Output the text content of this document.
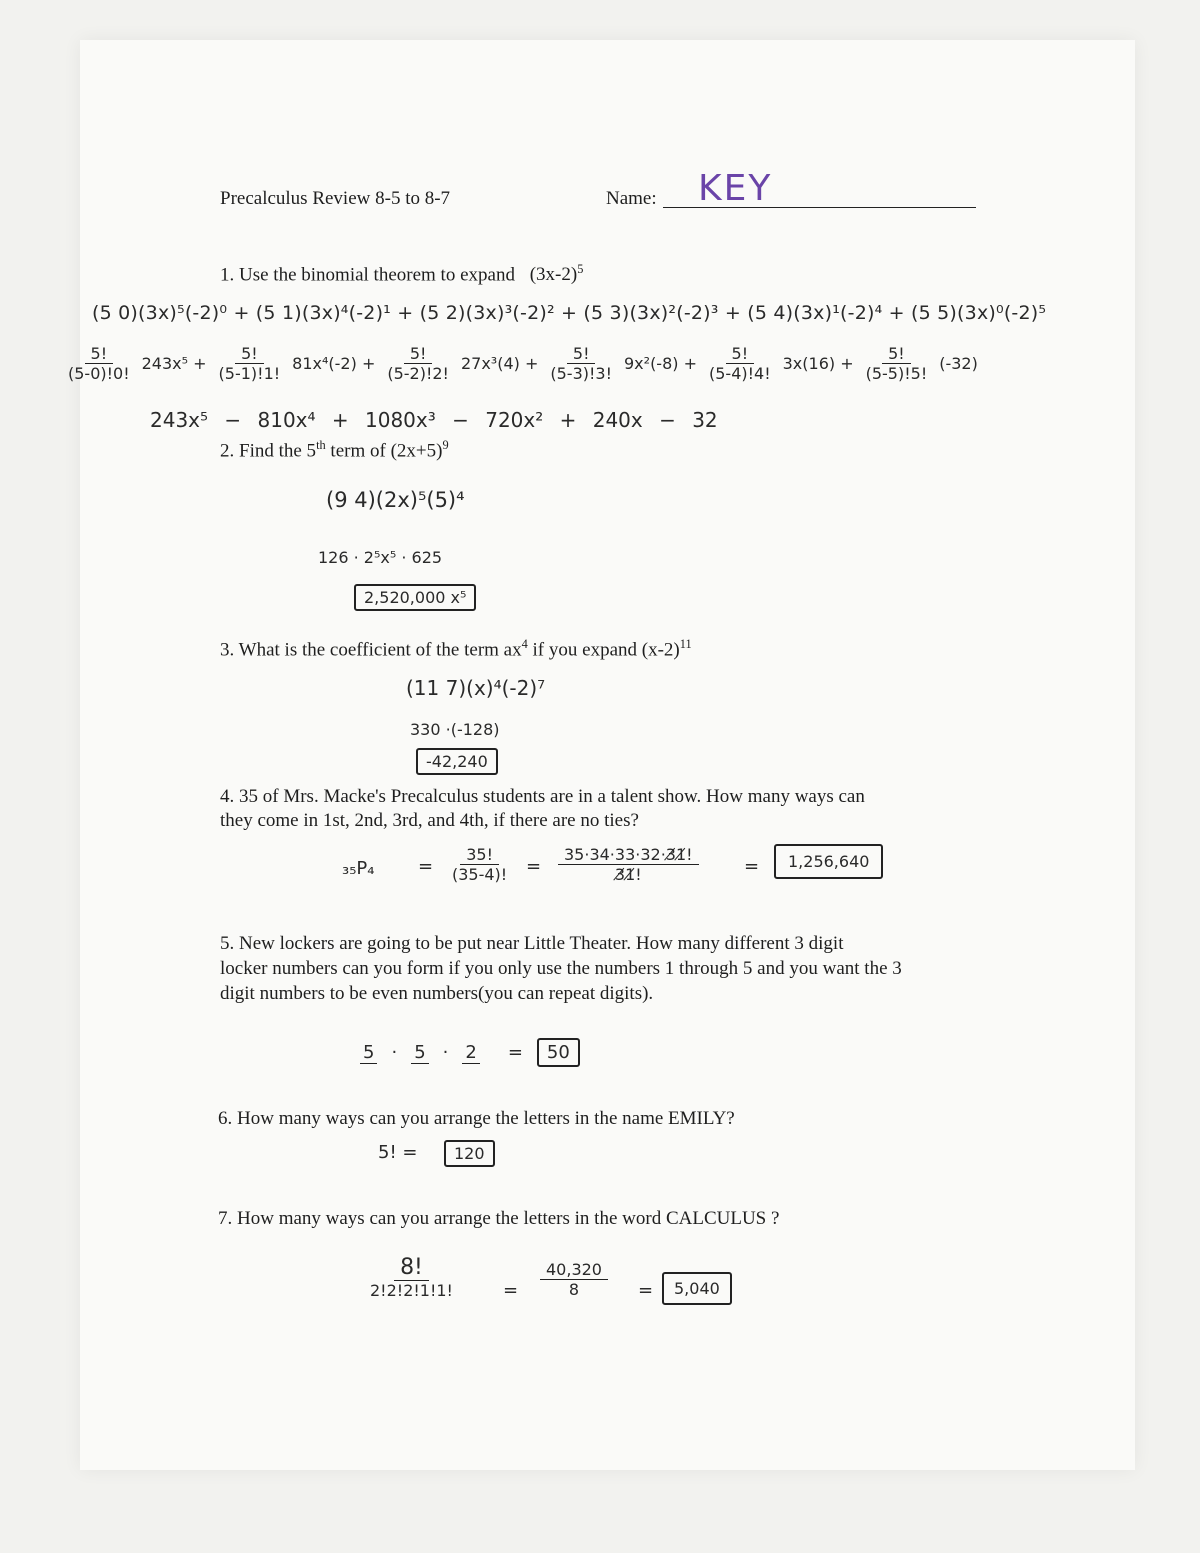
Precalculus Review 8-5 to 8-7	Name: KEY
1. Use the binomial theorem to expand $(3x-2)^5$
(5 0)(3x)⁵(-2)⁰ + (5 1)(3x)⁴(-2)¹ + (5 2)(3x)³(-2)² + (5 3)(3x)²(-2)³ + (5 4)(3x)¹(-2)⁴ + (5 5)(3x)⁰(-2)⁵
$\frac{5!}{(5-0)!0!} 243x^5 + \frac{5!}{(5-1)!1!} 81x^4(-2) + \frac{5!}{(5-2)!2!} 27x^3(4) + \frac{5!}{(5-3)!3!} 9x^2(-8) + \frac{5!}{(5-4)!4!} 3x(16) + \frac{5!}{(5-5)!5!} (-32)$
243x⁵ − 810x⁴ + 1080x³ − 720x² + 240x − 32
2. Find the 5th term of $(2x+5)^9$
(9 4)(2x)⁵(5)⁴
126 · 2⁵x⁵ · 625
2,520,000 x⁵
3. What is the coefficient of the term $ax^4$ if you expand $(x-2)^{11}$
(11 7)(x)⁴(-2)⁷
330 ·(-128)
-42,240
4. 35 of Mrs. Macke's Precalculus students are in a talent show. How many ways can
they come in 1st, 2nd, 3rd, and 4th, if there are no ties?
$_{35}P_4 = \frac{35!}{(35-4)!} = \frac{35\cdot 34\cdot 33\cdot 32\cdot 3̸1̸!}{3̸1̸!}$	=	1,256,640
5. New lockers are going to be put near Little Theater. How many different 3 digit
locker numbers can you form if you only use the numbers 1 through 5 and you want the 3
digit numbers to be even numbers(you can repeat digits).
5 · 5 · 2 =	50
6. How many ways can you arrange the letters in the name EMILY?
5! =	120
7. How many ways can you arrange the letters in the word CALCULUS ?
$\frac{8!}{2!2!2!1!1!} = \frac{40,320}{8}$ =	5,040
